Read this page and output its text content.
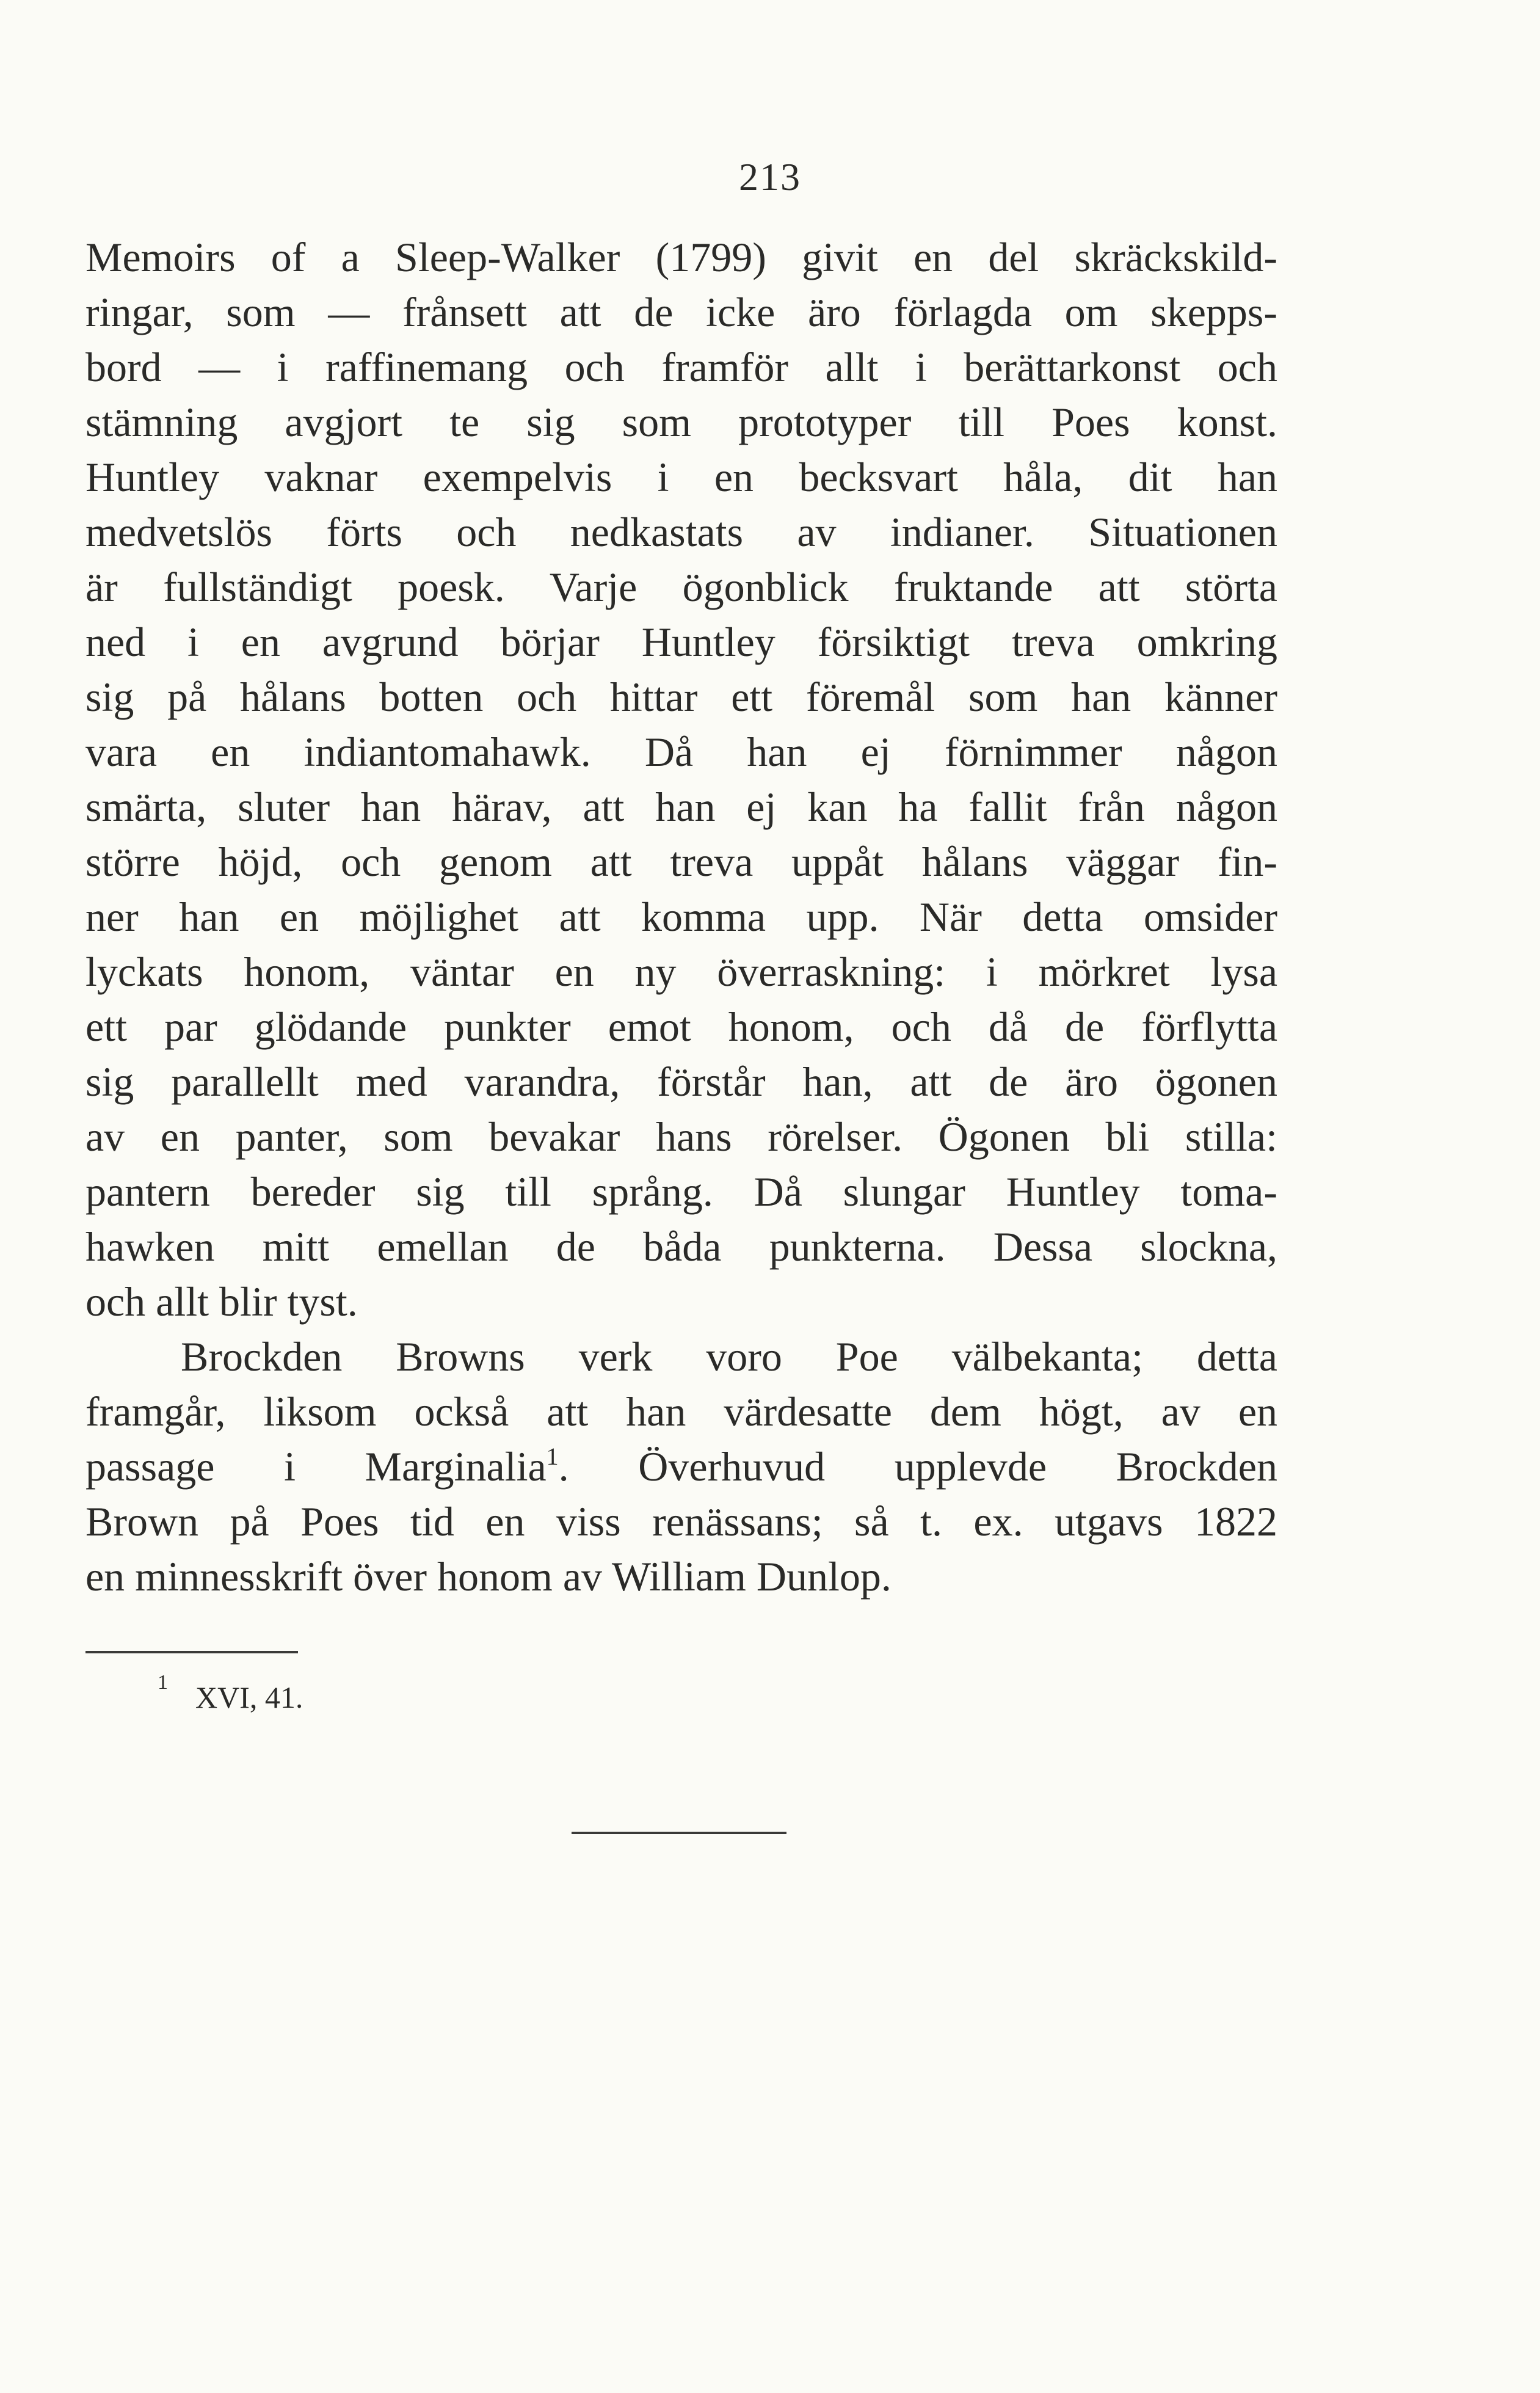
213
Memoirs of a Sleep-Walker (1799) givit en del skräckskild-
ringar, som — frånsett att de icke äro förlagda om skepps-
bord — i raffinemang och framför allt i berättarkonst och
stämning avgjort te sig som prototyper till Poes konst.
Huntley vaknar exempelvis i en becksvart håla, dit han
medvetslös förts och nedkastats av indianer. Situationen
är fullständigt poesk. Varje ögonblick fruktande att störta
ned i en avgrund börjar Huntley försiktigt treva omkring
sig på hålans botten och hittar ett föremål som han känner
vara en indiantomahawk. Då han ej förnimmer någon
smärta, sluter han härav, att han ej kan ha fallit från någon
större höjd, och genom att treva uppåt hålans väggar fin-
ner han en möjlighet att komma upp. När detta omsider
lyckats honom, väntar en ny överraskning: i mörkret lysa
ett par glödande punkter emot honom, och då de förflytta
sig parallellt med varandra, förstår han, att de äro ögonen
av en panter, som bevakar hans rörelser. Ögonen bli stilla:
pantern bereder sig till språng. Då slungar Huntley toma-
hawken mitt emellan de båda punkterna. Dessa slockna,
och allt blir tyst.
Brockden Browns verk voro Poe välbekanta; detta
framgår, liksom också att han värdesatte dem högt, av en
passage i Marginalia$^1$. Överhuvud upplevde Brockden
Brown på Poes tid en viss renässans; så t. ex. utgavs 1822
en minnesskrift över honom av William Dunlop.
1 XVI, 41.
